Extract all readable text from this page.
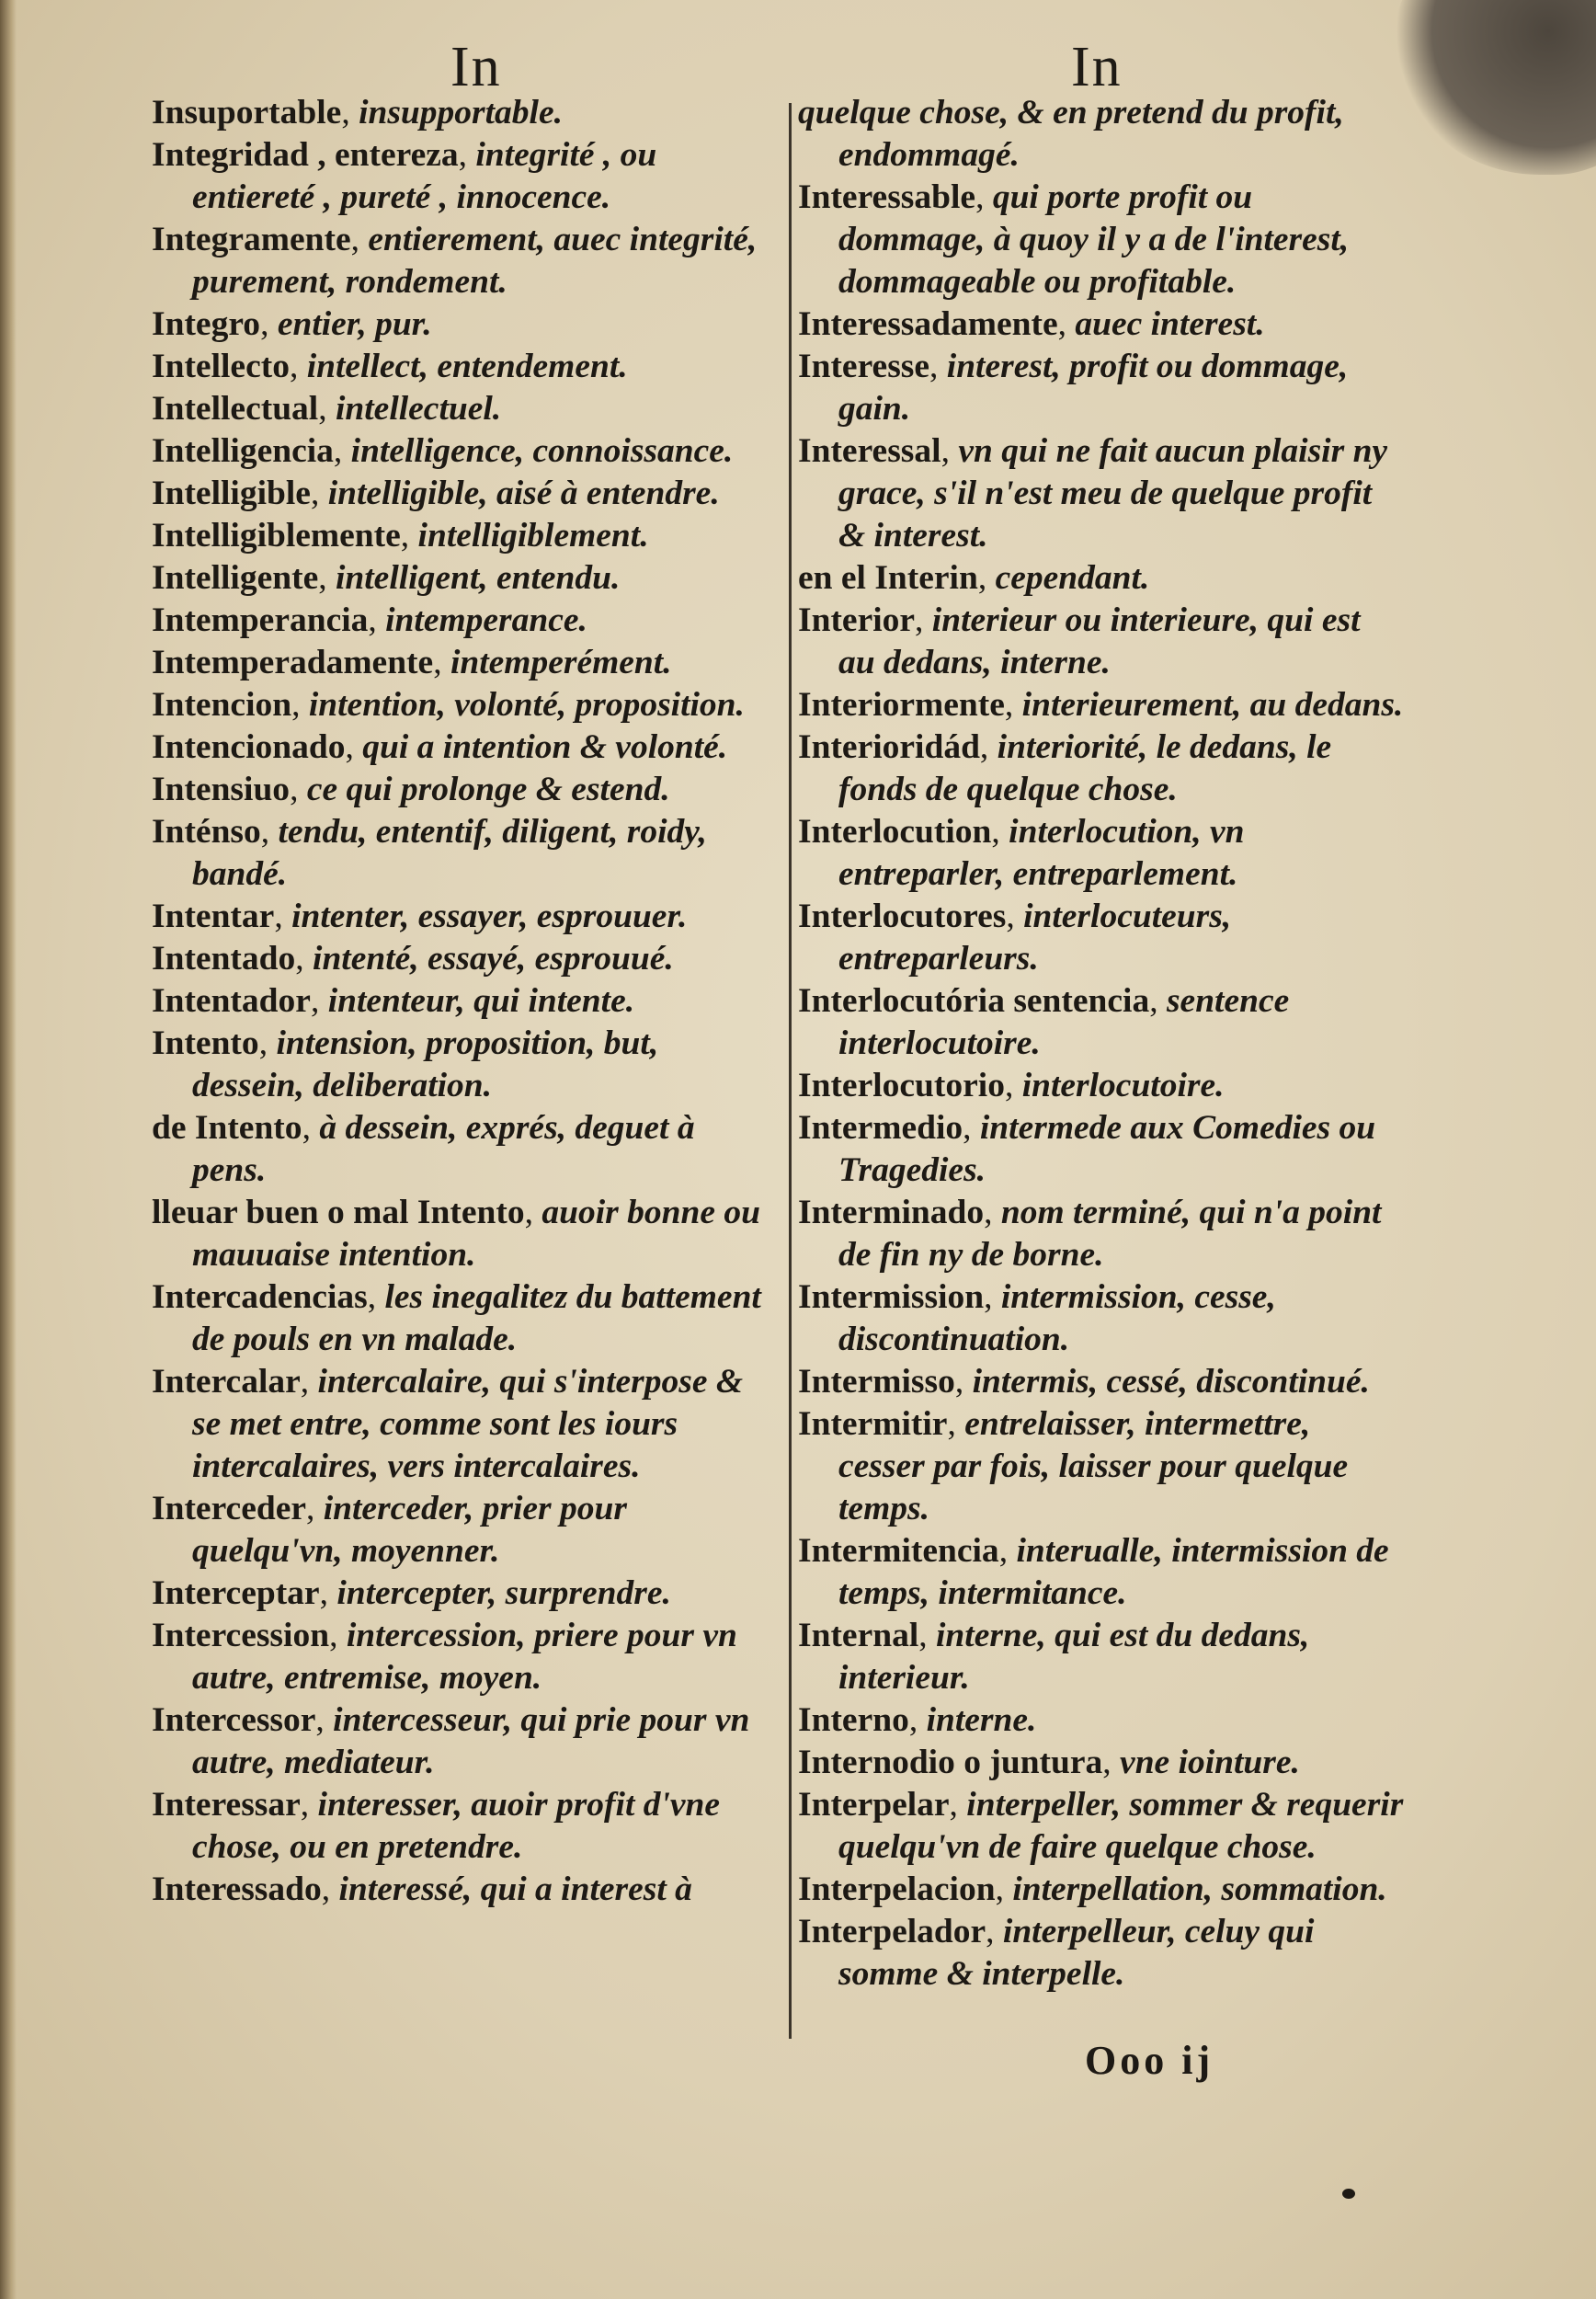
In	In

Insuportable, insupportable.

Integridad , entereza, integrité , ou entiereté , pureté , innocence.

Integramente, entierement, auec integrité, purement, rondement.

Integro, entier, pur.

Intellecto, intellect, entendement.

Intellectual, intellectuel.

Intelligencia, intelligence, connoissance.

Intelligible, intelligible, aisé à entendre.

Intelligiblemente, intelligiblement.

Intelligente, intelligent, entendu.

Intemperancia, intemperance.

Intemperadamente, intemperément.

Intencion, intention, volonté, proposition.

Intencionado, qui a intention & volonté.

Intensiuo, ce qui prolonge & estend.

Inténso, tendu, ententif, diligent, roidy, bandé.

Intentar, intenter, essayer, esprouuer.

Intentado, intenté, essayé, esprouué.

Intentador, intenteur, qui intente.

Intento, intension, proposition, but, dessein, deliberation.

de Intento, à dessein, exprés, deguet à pens.

lleuar buen o mal Intento, auoir bonne ou mauuaise intention.

Intercadencias, les inegalitez du battement de pouls en vn malade.

Intercalar, intercalaire, qui s'interpose & se met entre, comme sont les iours intercalaires, vers intercalaires.

Interceder, interceder, prier pour quelqu'vn, moyenner.

Interceptar, intercepter, surprendre.

Intercession, intercession, priere pour vn autre, entremise, moyen.

Intercessor, intercesseur, qui prie pour vn autre, mediateur.

Interessar, interesser, auoir profit d'vne chose, ou en pretendre.

Interessado, interessé, qui a interest à

quelque chose, & en pretend du profit, endommagé.

Interessable, qui porte profit ou dommage, à quoy il y a de l'interest, dommageable ou profitable.

Interessadamente, auec interest.

Interesse, interest, profit ou dommage, gain.

Interessal, vn qui ne fait aucun plaisir ny grace, s'il n'est meu de quelque profit & interest.

en el Interin, cependant.

Interior, interieur ou interieure, qui est au dedans, interne.

Interiormente, interieurement, au dedans.

Interioridád, interiorité, le dedans, le fonds de quelque chose.

Interlocution, interlocution, vn entreparler, entreparlement.

Interlocutores, interlocuteurs, entreparleurs.

Interlocutória sentencia, sentence interlocutoire.

Interlocutorio, interlocutoire.

Intermedio, intermede aux Comedies ou Tragedies.

Interminado, nom terminé, qui n'a point de fin ny de borne.

Intermission, intermission, cesse, discontinuation.

Intermisso, intermis, cessé, discontinué.

Intermitir, entrelaisser, intermettre, cesser par fois, laisser pour quelque temps.

Intermitencia, interualle, intermission de temps, intermitance.

Internal, interne, qui est du dedans, interieur.

Interno, interne.

Internodio o juntura, vne iointure.

Interpelar, interpeller, sommer & requerir quelqu'vn de faire quelque chose.

Interpelacion, interpellation, sommation.

Interpelador, interpelleur, celuy qui somme & interpelle.

Ooo ij
